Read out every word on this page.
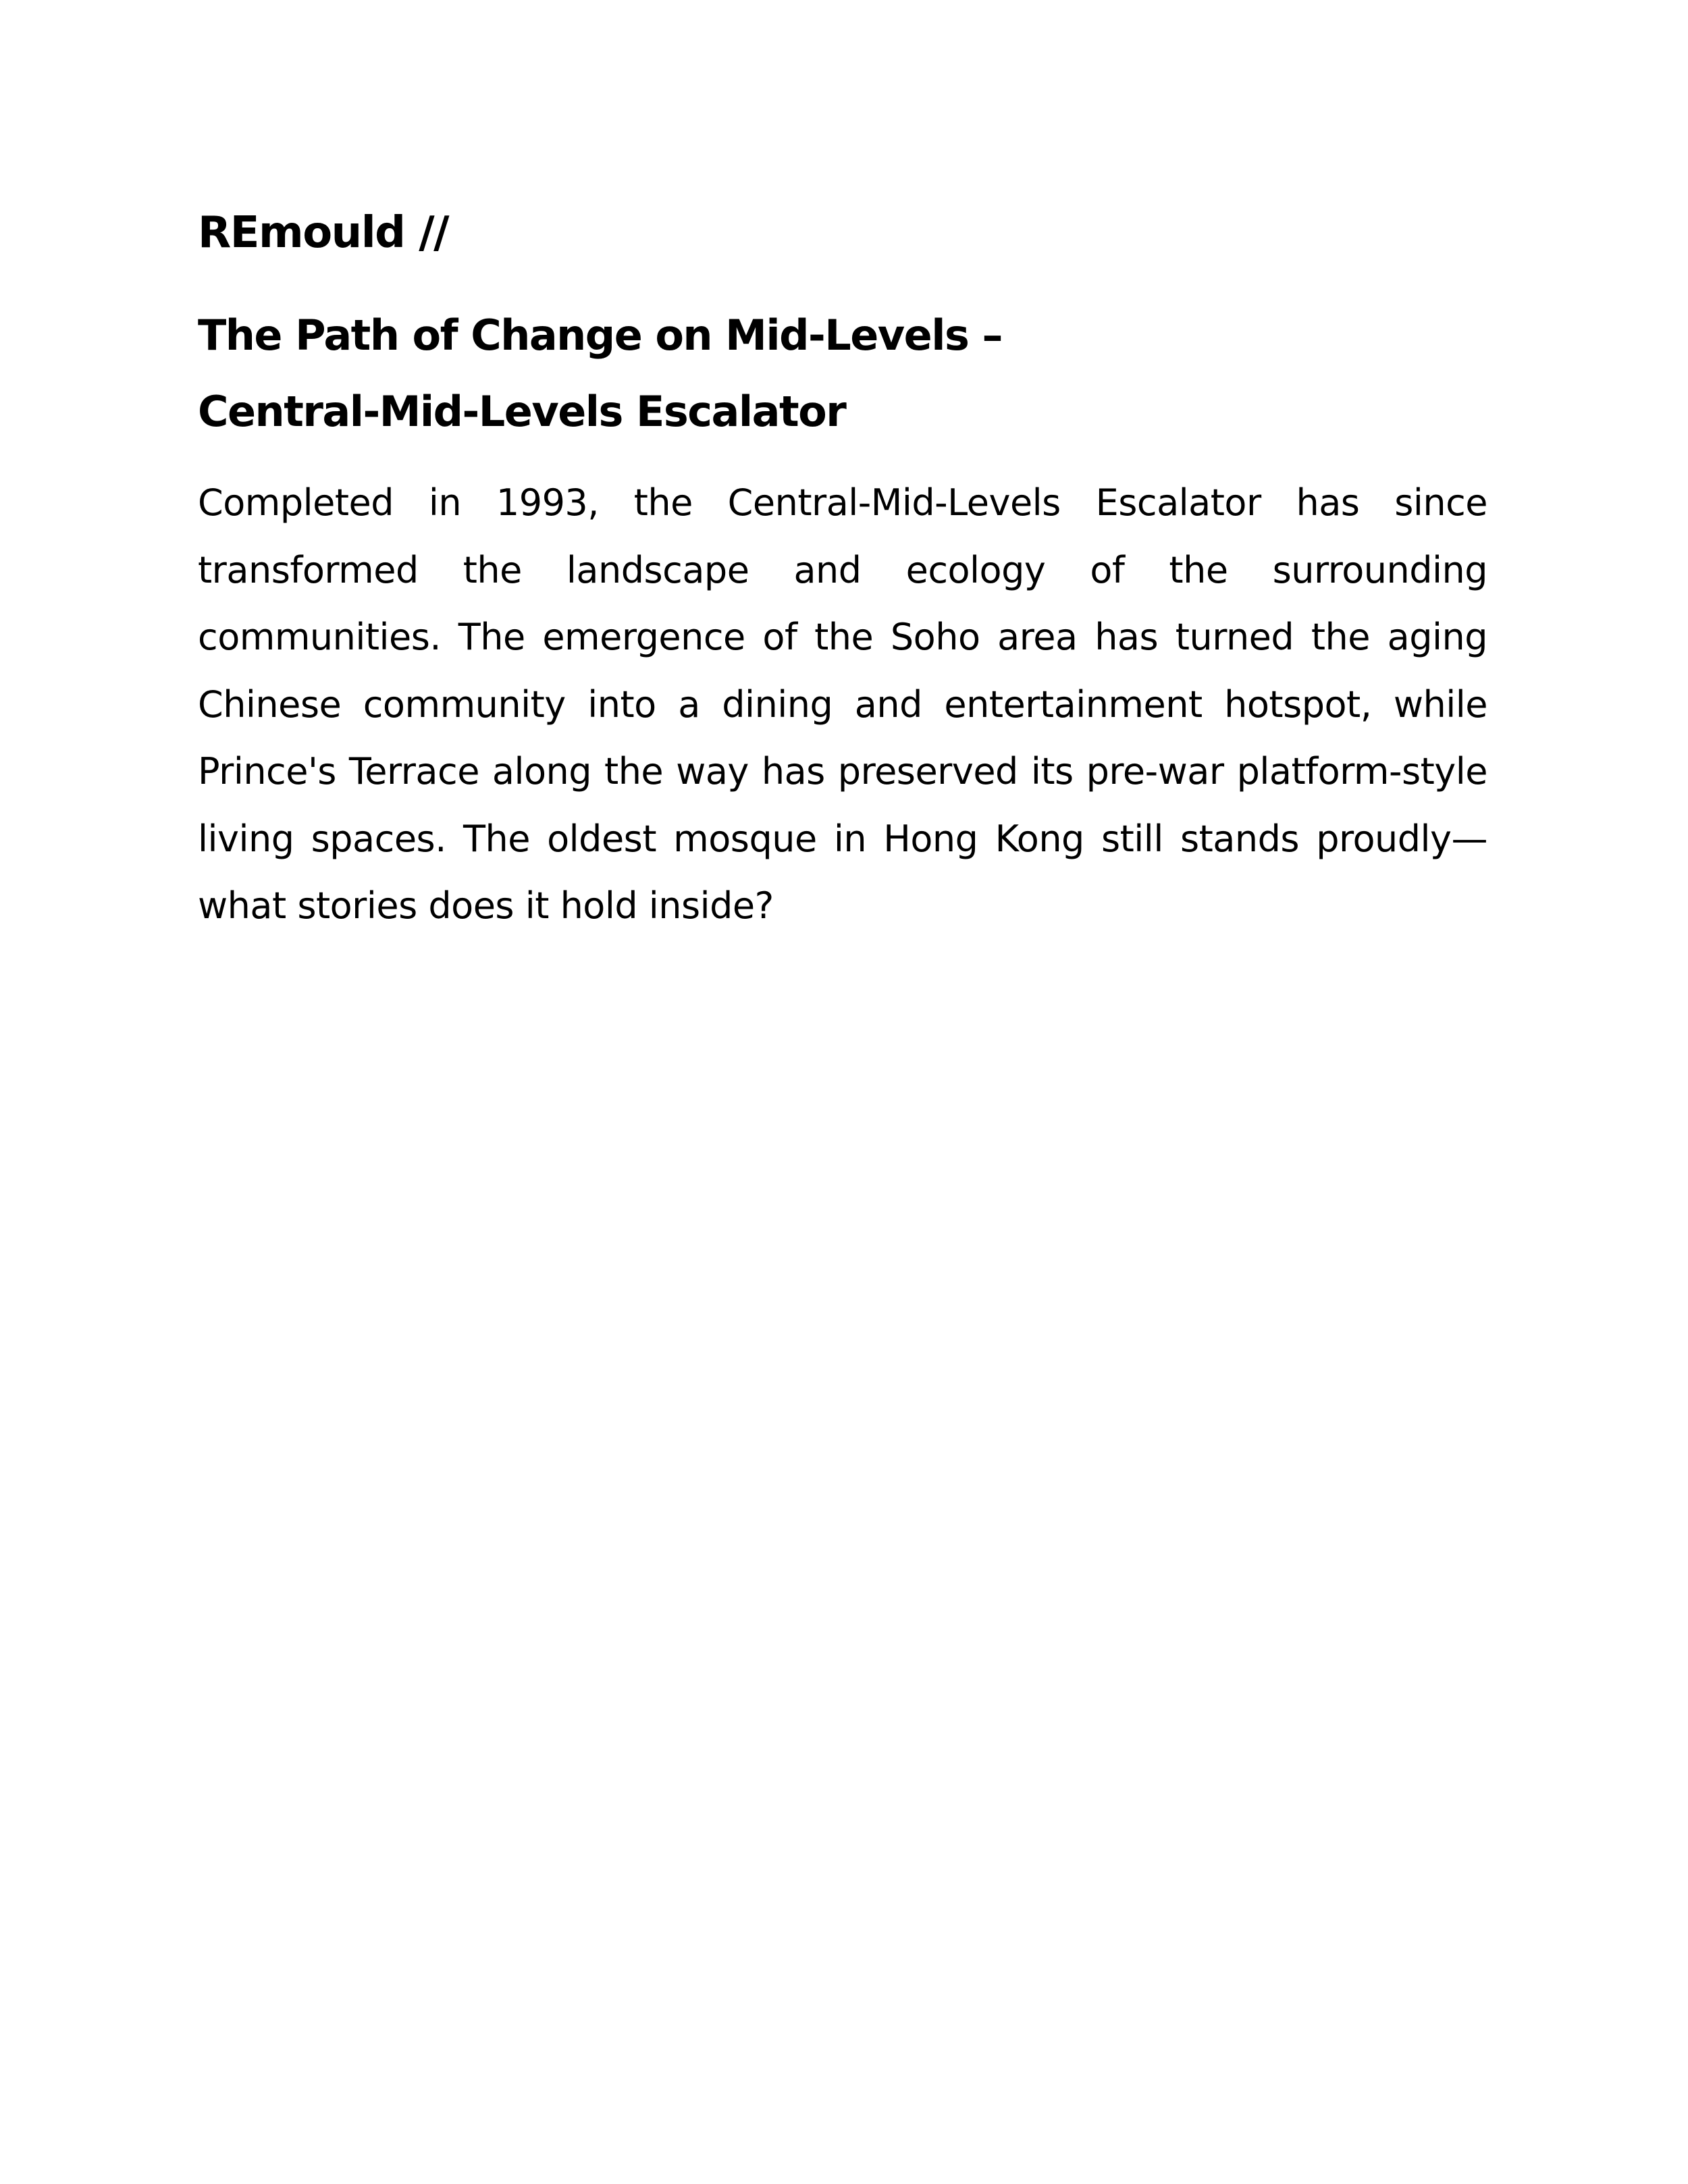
REmould //

The Path of Change on Mid-Levels –
Central-Mid-Levels Escalator

Completed in 1993, the Central-Mid-Levels Escalator has since transformed the landscape and ecology of the surrounding communities. The emergence of the Soho area has turned the aging Chinese community into a dining and entertainment hotspot, while Prince's Terrace along the way has preserved its pre-war platform-style living spaces. The oldest mosque in Hong Kong still stands proudly—what stories does it hold inside?
